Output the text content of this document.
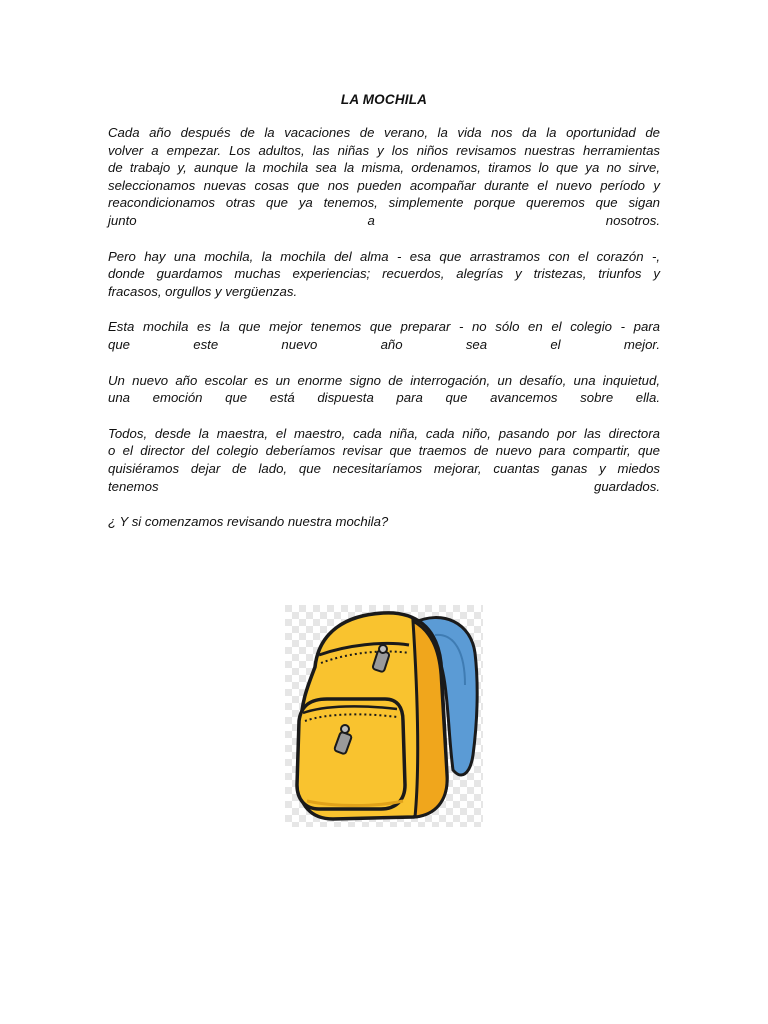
LA MOCHILA

Cada año después de la vacaciones de verano, la vida nos da la oportunidad de
volver a empezar. Los adultos, las niñas y los niños revisamos nuestras herramientas
de trabajo y, aunque la mochila sea la misma, ordenamos, tiramos lo que ya no sirve,
seleccionamos nuevas cosas que nos pueden acompañar durante el nuevo período y
reacondicionamos otras que ya tenemos, simplemente porque queremos que sigan
junto a nosotros.

Pero hay una mochila, la mochila del alma - esa que arrastramos con el corazón -,
donde guardamos muchas experiencias; recuerdos, alegrías y tristezas, triunfos y
fracasos, orgullos y vergüenzas.

Esta mochila es la que mejor tenemos que preparar - no sólo en el colegio - para
que este nuevo año sea el mejor.

Un nuevo año escolar es un enorme signo de interrogación, un desafío, una inquietud,
una emoción que está dispuesta para que avancemos sobre ella.

Todos, desde la maestra, el maestro, cada niña, cada niño, pasando por las directora
o el director del colegio deberíamos revisar que traemos de nuevo para compartir, que
quisiéramos dejar de lado, que necesitaríamos mejorar, cuantas ganas y miedos
tenemos guardados.

¿ Y si comenzamos revisando nuestra mochila?
